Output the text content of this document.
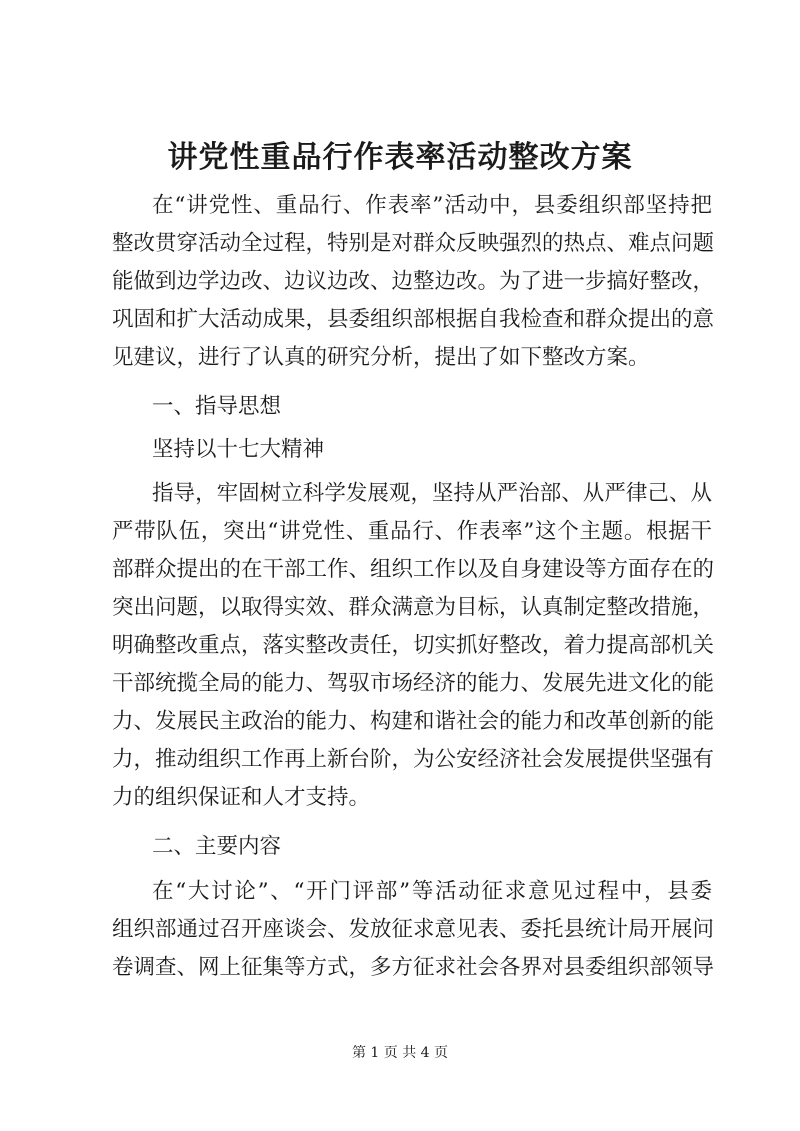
讲党性重品行作表率活动整改方案
在“讲党性、重品行、作表率”活动中，县委组织部坚持把
整改贯穿活动全过程，特别是对群众反映强烈的热点、难点问题
能做到边学边改、边议边改、边整边改。为了进一步搞好整改，
巩固和扩大活动成果，县委组织部根据自我检查和群众提出的意
见建议，进行了认真的研究分析，提出了如下整改方案。
一、指导思想
坚持以十七大精神
指导，牢固树立科学发展观，坚持从严治部、从严律己、从
严带队伍，突出“讲党性、重品行、作表率”这个主题。根据干
部群众提出的在干部工作、组织工作以及自身建设等方面存在的
突出问题，以取得实效、群众满意为目标，认真制定整改措施，
明确整改重点，落实整改责任，切实抓好整改，着力提高部机关
干部统揽全局的能力、驾驭市场经济的能力、发展先进文化的能
力、发展民主政治的能力、构建和谐社会的能力和改革创新的能
力，推动组织工作再上新台阶，为公安经济社会发展提供坚强有
力的组织保证和人才支持。
二、主要内容
在“大讨论”、“开门评部”等活动征求意见过程中，县委
组织部通过召开座谈会、发放征求意见表、委托县统计局开展问
卷调查、网上征集等方式，多方征求社会各界对县委组织部领导
第 1 页 共 4 页
